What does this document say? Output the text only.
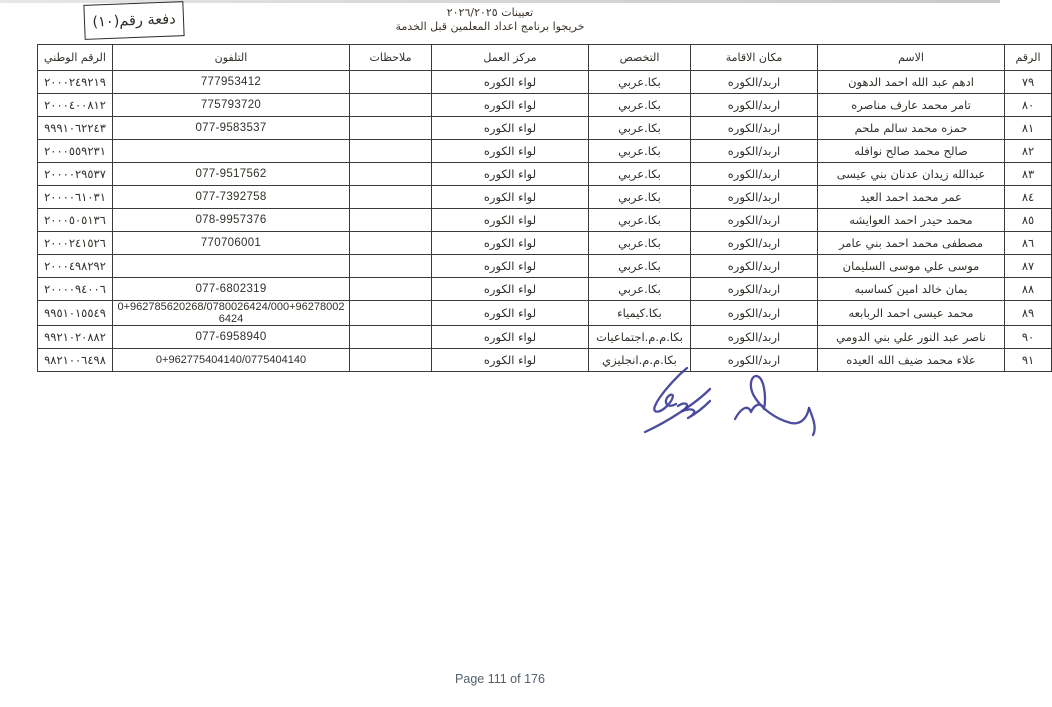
دفعة رقم(١٠)	تعيينات ٢٠٢٦/٢٠٢٥
خريجوا برنامج اعداد المعلمين قبل الخدمة
الرقم	الاسم	مكان الاقامة	التخصص	مركز العمل	ملاحظات	التلفون	الرقم الوطني
٧٩	ادهم عبد الله احمد الدهون	اربد/الكوره	بكا.عربي	لواء الكوره		777953412	٢٠٠٠٢٤٩٢١٩
٨٠	تامر محمد عارف مناصره	اربد/الكوره	بكا.عربي	لواء الكوره		775793720	٢٠٠٠٤٠٠٨١٢
٨١	حمزه محمد سالم ملحم	اربد/الكوره	بكا.عربي	لواء الكوره		077-9583537	٩٩٩١٠٦٢٢٤٣
٨٢	صالح محمد صالح نوافله	اربد/الكوره	بكا.عربي	لواء الكوره			٢٠٠٠٥٥٩٢٣١
٨٣	عبدالله زيدان عدنان بني عيسى	اربد/الكوره	بكا.عربي	لواء الكوره		077-9517562	٢٠٠٠٠٢٩٥٣٧
٨٤	عمر محمد احمد العيد	اربد/الكوره	بكا.عربي	لواء الكوره		077-7392758	٢٠٠٠٠٦١٠٣١
٨٥	محمد حيدر احمد العوايشه	اربد/الكوره	بكا.عربي	لواء الكوره		078-9957376	٢٠٠٠٥٠٥١٣٦
٨٦	مصطفى محمد احمد بني عامر	اربد/الكوره	بكا.عربي	لواء الكوره		770706001	٢٠٠٠٢٤١٥٢٦
٨٧	موسى علي موسى السليمان	اربد/الكوره	بكا.عربي	لواء الكوره			٢٠٠٠٤٩٨٢٩٢
٨٨	يمان خالد امين كساسبه	اربد/الكوره	بكا.عربي	لواء الكوره		077-6802319	٢٠٠٠٠٩٤٠٠٦
٨٩	محمد عيسى احمد الربابعه	اربد/الكوره	بكا.كيمياء	لواء الكوره		0+962785620268/0780026424/000+962780026424	٩٩٥١٠١٥٥٤٩
٩٠	ناصر عبد النور علي بني الدومي	اربد/الكوره	بكا.م.م.اجتماعيات	لواء الكوره		077-6958940	٩٩٢١٠٢٠٨٨٢
٩١	علاء محمد ضيف الله العيده	اربد/الكوره	بكا.م.م.انجليزي	لواء الكوره		0+962775404140/0775404140	٩٨٢١٠٠٦٤٩٨
Page 111 of 176
